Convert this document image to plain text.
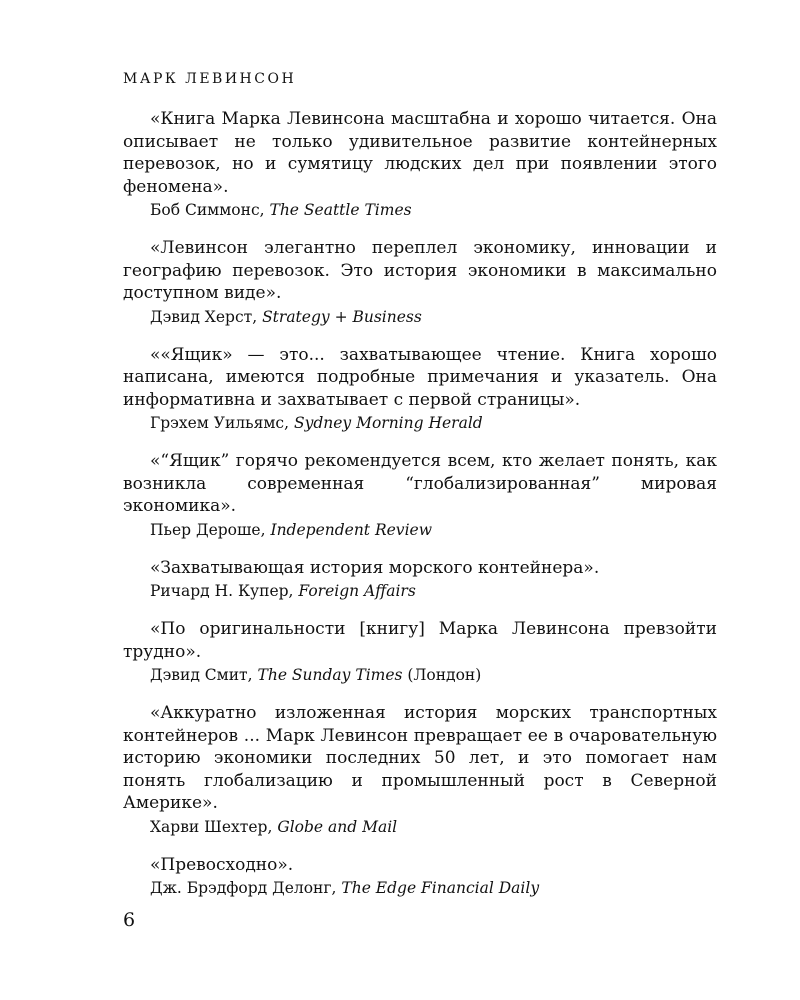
МАРК ЛЕВИНСОН

«Книга Марка Левинсона масштабна и хорошо читается. Она описывает не только удивительное развитие контейнерных перевозок, но и сумятицу людских дел при появлении этого феномена».

Боб Симмонс, The Seattle Times

«Левинсон элегантно переплел экономику, инновации и географию перевозок. Это история экономики в максимально доступном виде».

Дэвид Херст, Strategy + Business

««Ящик» — это... захватывающее чтение. Книга хорошо написана, имеются подробные примечания и указатель. Она информативна и захватывает с первой страницы».

Грэхем Уильямс, Sydney Morning Herald

«“Ящик” горячо рекомендуется всем, кто желает понять, как возникла современная “глобализированная” мировая экономика».

Пьер Дероше, Independent Review

«Захватывающая история морского контейнера».

Ричард Н. Купер, Foreign Affairs

«По оригинальности [книгу] Марка Левинсона превзойти трудно».

Дэвид Смит, The Sunday Times (Лондон)

«Аккуратно изложенная история морских транспортных контейнеров ... Марк Левинсон превращает ее в очаровательную историю экономики последних 50 лет, и это помогает нам понять глобализацию и промышленный рост в Северной Америке».

Харви Шехтер, Globe and Mail

«Превосходно».

Дж. Брэдфорд Делонг, The Edge Financial Daily

6
